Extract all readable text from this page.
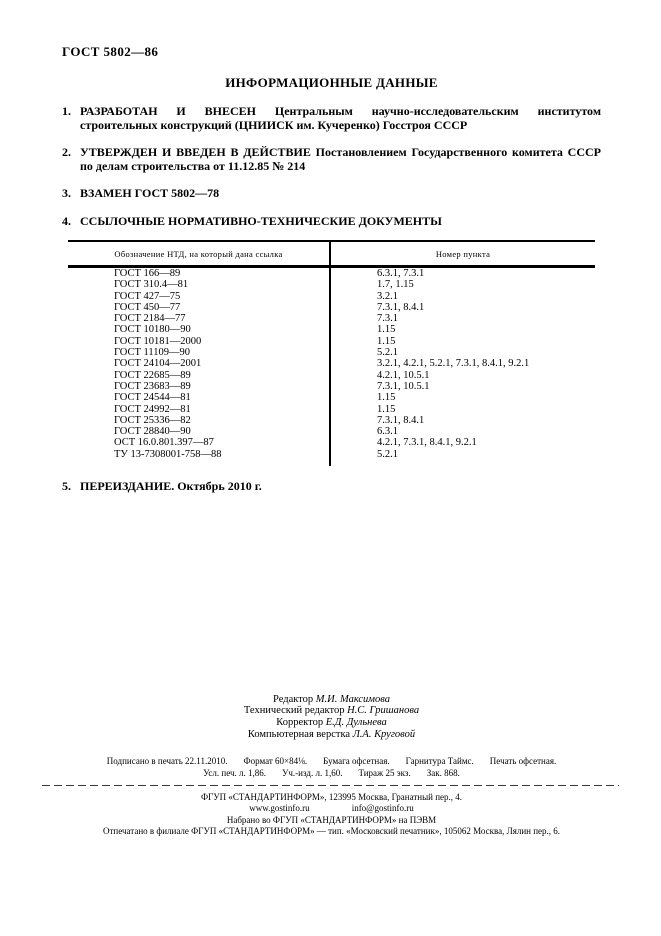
ГОСТ 5802—86
ИНФОРМАЦИОННЫЕ ДАННЫЕ
1. РАЗРАБОТАН И ВНЕСЕН Центральным научно-исследовательским институтом строительных конструкций (ЦНИИСК им. Кучеренко) Госстроя СССР
2. УТВЕРЖДЕН И ВВЕДЕН В ДЕЙСТВИЕ Постановлением Государственного комитета СССР по делам строительства от 11.12.85 № 214
3. ВЗАМЕН ГОСТ 5802—78
4. ССЫЛОЧНЫЕ НОРМАТИВНО-ТЕХНИЧЕСКИЕ ДОКУМЕНТЫ
Обозначение НТД, на который дана ссылка	Номер пункта
ГОСТ 166—89	6.3.1, 7.3.1
ГОСТ 310.4—81	1.7, 1.15
ГОСТ 427—75	3.2.1
ГОСТ 450—77	7.3.1, 8.4.1
ГОСТ 2184—77	7.3.1
ГОСТ 10180—90	1.15
ГОСТ 10181—2000	1.15
ГОСТ 11109—90	5.2.1
ГОСТ 24104—2001	3.2.1, 4.2.1, 5.2.1, 7.3.1, 8.4.1, 9.2.1
ГОСТ 22685—89	4.2.1, 10.5.1
ГОСТ 23683—89	7.3.1, 10.5.1
ГОСТ 24544—81	1.15
ГОСТ 24992—81	1.15
ГОСТ 25336—82	7.3.1, 8.4.1
ГОСТ 28840—90	6.3.1
ОСТ 16.0.801.397—87	4.2.1, 7.3.1, 8.4.1, 9.2.1
ТУ 13-7308001-758—88	5.2.1
5. ПЕРЕИЗДАНИЕ. Октябрь 2010 г.
Редактор М.И. Максимова
Технический редактор Н.С. Гришанова
Корректор Е.Д. Дульнева
Компьютерная верстка Л.А. Круговой
Подписано в печать 22.11.2010. Формат 60×84⅛. Бумага офсетная. Гарнитура Таймс. Печать офсетная.
Усл. печ. л. 1,86. Уч.-изд. л. 1,60. Тираж 25 экз. Зак. 868.
ФГУП «СТАНДАРТИНФОРМ», 123995 Москва, Гранатный пер., 4.
www.gostinfo.ru	info@gostinfo.ru
Набрано во ФГУП «СТАНДАРТИНФОРМ» на ПЭВМ
Отпечатано в филиале ФГУП «СТАНДАРТИНФОРМ» — тип. «Московский печатник», 105062 Москва, Лялин пер., 6.
